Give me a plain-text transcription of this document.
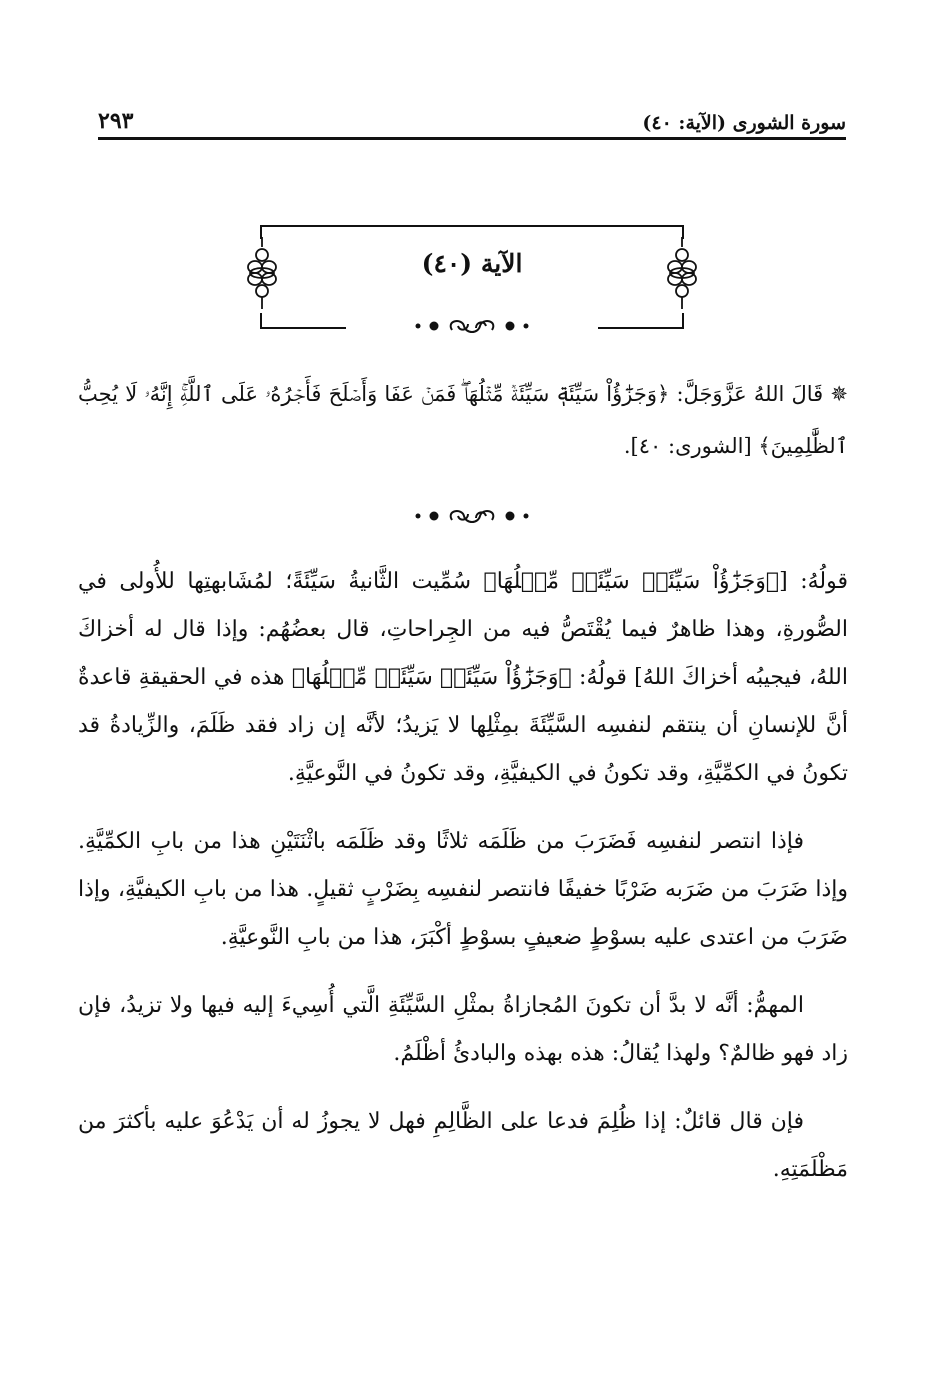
سورة الشورى (الآية: ٤٠)
٢٩٣
الآية (٤٠)
✵ قَالَ اللهُ عَزَّوَجَلَّ: ﴿وَجَزَٰٓؤُاْ سَيِّئَةٖ سَيِّئَةٞ مِّثۡلُهَاۖ فَمَنۡ عَفَا وَأَصۡلَحَ فَأَجۡرُهُۥ عَلَى ٱللَّهِۚ إِنَّهُۥ لَا يُحِبُّ ٱلظَّٰلِمِينَ﴾ [الشورى: ٤٠].

قولُهُ: [﴿وَجَزَٰٓؤُاْ سَيِّئَةٖ سَيِّئَةٞ مِّثۡلُهَا﴾ سُمِّيت الثَّانيةُ سَيِّئَةً؛ لمُشَابهتِها للأُولى في الصُّورةِ، وهذا ظاهرٌ فيما يُقْتَصُّ فيه من الجِراحاتِ، قال بعضُهُم: وإذا قال له أخزاكَ اللهُ، فيجيبُه أخزاكَ اللهُ] قولُهُ: ﴿وَجَزَٰٓؤُاْ سَيِّئَةٖ سَيِّئَةٞ مِّثۡلُهَا﴾ هذه في الحقيقةِ قاعدةٌ أنَّ للإنسانِ أن ينتقم لنفسِه السَّيِّئَةَ بمِثْلِها لا يَزيدُ؛ لأنَّه إن زاد فقد ظَلَمَ، والزِّيادةُ قد تكونُ في الكمِّيَّةِ، وقد تكونُ في الكيفيَّةِ، وقد تكونُ في النَّوعيَّةِ.

فإذا انتصر لنفسِه فَضَرَبَ من ظَلَمَه ثلاثًا وقد ظَلَمَه باثْنَتَيْنِ هذا من بابِ الكمِّيَّةِ. وإذا ضَرَبَ من ضَرَبه ضَرْبًا خفيفًا فانتصر لنفسِه بِضَرْبٍ ثقيلٍ. هذا من بابِ الكيفيَّةِ، وإذا ضَرَبَ من اعتدى عليه بسوْطٍ ضعيفٍ بسوْطٍ أكْبَرَ، هذا من بابِ النَّوعيَّةِ.

المهمُّ: أنَّه لا بدَّ أن تكونَ المُجازاةُ بمثْلِ السَّيِّئَةِ الَّتي أُسِيءَ إليه فيها ولا تزيدُ، فإن زاد فهو ظالمٌ؟ ولهذا يُقالُ: هذه بهذه والبادئُ أظْلَمُ.

فإن قال قائلٌ: إذا ظُلِمَ فدعا على الظَّالِمِ فهل لا يجوزُ له أن يَدْعُوَ عليه بأكثرَ من مَظْلَمَتِهِ.
